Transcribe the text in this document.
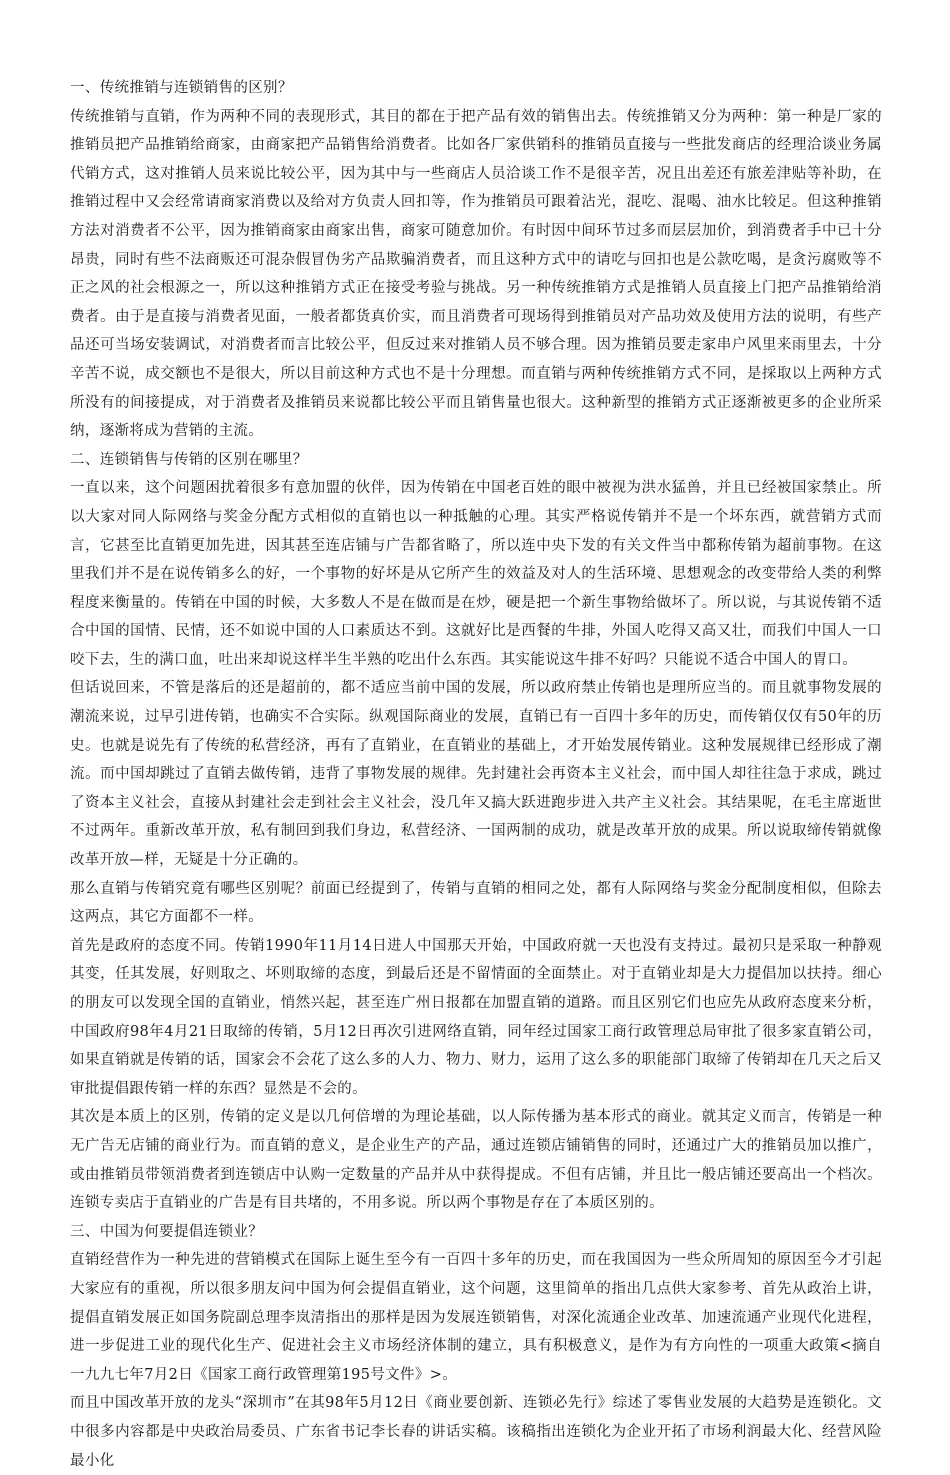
一、传统推销与连锁销售的区别？

传统推销与直销，作为两种不同的表现形式，其目的都在于把产品有效的销售出去。传统推销又分为两种：第一种是厂家的推销员把产品推销给商家，由商家把产品销售给消费者。比如各厂家供销科的推销员直接与一些批发商店的经理洽谈业务属代销方式，这对推销人员来说比较公平，因为其中与一些商店人员洽谈工作不是很辛苦，况且出差还有旅差津贴等补助，在推销过程中又会经常请商家消费以及给对方负责人回扣等，作为推销员可跟着沾光，混吃、混喝、油水比较足。但这种推销方法对消费者不公平，因为推销商家由商家出售，商家可随意加价。有时因中间环节过多而层层加价，到消费者手中已十分昂贵，同时有些不法商贩还可混杂假冒伪劣产品欺骗消费者，而且这种方式中的请吃与回扣也是公款吃喝，是贪污腐败等不正之风的社会根源之一，所以这种推销方式正在接受考验与挑战。另一种传统推销方式是推销人员直接上门把产品推销给消费者。由于是直接与消费者见面，一般者都货真价实，而且消费者可现场得到推销员对产品功效及使用方法的说明，有些产品还可当场安装调试，对消费者而言比较公平，但反过来对推销人员不够合理。因为推销员要走家串户风里来雨里去，十分辛苦不说，成交额也不是很大，所以目前这种方式也不是十分理想。而直销与两种传统推销方式不同，是採取以上两种方式所没有的间接提成，对于消费者及推销员来说都比较公平而且销售量也很大。这种新型的推销方式正逐渐被更多的企业所采纳，逐渐将成为营销的主流。

二、连锁销售与传销的区别在哪里？

一直以来，这个问题困扰着很多有意加盟的伙伴，因为传销在中国老百姓的眼中被视为洪水猛兽，并且已经被国家禁止。所以大家对同人际网络与奖金分配方式相似的直销也以一种抵触的心理。其实严格说传销并不是一个坏东西，就营销方式而言，它甚至比直销更加先进，因其甚至连店铺与广告都省略了，所以连中央下发的有关文件当中都称传销为超前事物。在这里我们并不是在说传销多么的好，一个事物的好坏是从它所产生的效益及对人的生活环境、思想观念的改变带给人类的利弊程度来衡量的。传销在中国的时候，大多数人不是在做而是在炒，硬是把一个新生事物给做坏了。所以说，与其说传销不适合中国的国情、民情，还不如说中国的人口素质达不到。这就好比是西餐的牛排，外国人吃得又高又壮，而我们中国人一口咬下去，生的满口血，吐出来却说这样半生半熟的吃出什么东西。其实能说这牛排不好吗？只能说不适合中国人的胃口。

但话说回来，不管是落后的还是超前的，都不适应当前中国的发展，所以政府禁止传销也是理所应当的。而且就事物发展的潮流来说，过早引进传销，也确实不合实际。纵观国际商业的发展，直销已有一百四十多年的历史，而传销仅仅有50年的历史。也就是说先有了传统的私营经济，再有了直销业，在直销业的基础上，才开始发展传销业。这种发展规律已经形成了潮流。而中国却跳过了直销去做传销，违背了事物发展的规律。先封建社会再资本主义社会，而中国人却往往急于求成，跳过了资本主义社会，直接从封建社会走到社会主义社会，没几年又搞大跃进跑步进入共产主义社会。其结果呢，在毛主席逝世不过两年。重新改革开放，私有制回到我们身边，私营经济、一国两制的成功，就是改革开放的成果。所以说取缔传销就像改革开放—样，无疑是十分正确的。

那么直销与传销究竟有哪些区别呢？前面已经提到了，传销与直销的相同之处，都有人际网络与奖金分配制度相似，但除去这两点，其它方面都不一样。

首先是政府的态度不同。传销1990年11月14日进人中国那天开始，中国政府就一天也没有支持过。最初只是采取一种静观其变，任其发展，好则取之、坏则取缔的态度，到最后还是不留情面的全面禁止。对于直销业却是大力提倡加以扶持。细心的朋友可以发现全国的直销业，悄然兴起，甚至连广州日报都在加盟直销的道路。而且区别它们也应先从政府态度来分析，中国政府98年4月21日取缔的传销，5月12日再次引进网络直销，同年经过国家工商行政管理总局审批了很多家直销公司，如果直销就是传销的话，国家会不会花了这么多的人力、物力、财力，运用了这么多的职能部门取缔了传销却在几天之后又审批提倡跟传销一样的东西？显然是不会的。

其次是本质上的区别，传销的定义是以几何倍增的为理论基础，以人际传播为基本形式的商业。就其定义而言，传销是一种无广告无店铺的商业行为。而直销的意义，是企业生产的产品，通过连锁店铺销售的同时，还通过广大的推销员加以推广，或由推销员带领消费者到连锁店中认购一定数量的产品并从中获得提成。不但有店铺，并且比一般店铺还要高出一个档次。连锁专卖店于直销业的广告是有目共堵的，不用多说。所以两个事物是存在了本质区别的。

三、中国为何要提倡连锁业？

直销经营作为一种先进的营销模式在国际上诞生至今有一百四十多年的历史，而在我国因为一些众所周知的原因至今才引起大家应有的重视，所以很多朋友问中国为何会提倡直销业，这个问题，这里简单的指出几点供大家参考、首先从政治上讲，提倡直销发展正如国务院副总理李岚清指出的那样是因为发展连锁销售，对深化流通企业改革、加速流通产业现代化进程，进一步促进工业的现代化生产、促进社会主义市场经济体制的建立，具有积极意义，是作为有方向性的一项重大政策<摘自一九九七年7月2日《国家工商行政管理第195号文件》>。

而且中国改革开放的龙头“深圳市”在其98年5月12日《商业要创新、连锁必先行》综述了零售业发展的大趋势是连锁化。文中很多内容都是中央政治局委员、广东省书记李长春的讲话实稿。该稿指出连锁化为企业开拓了市场利润最大化、经营风险最小化
